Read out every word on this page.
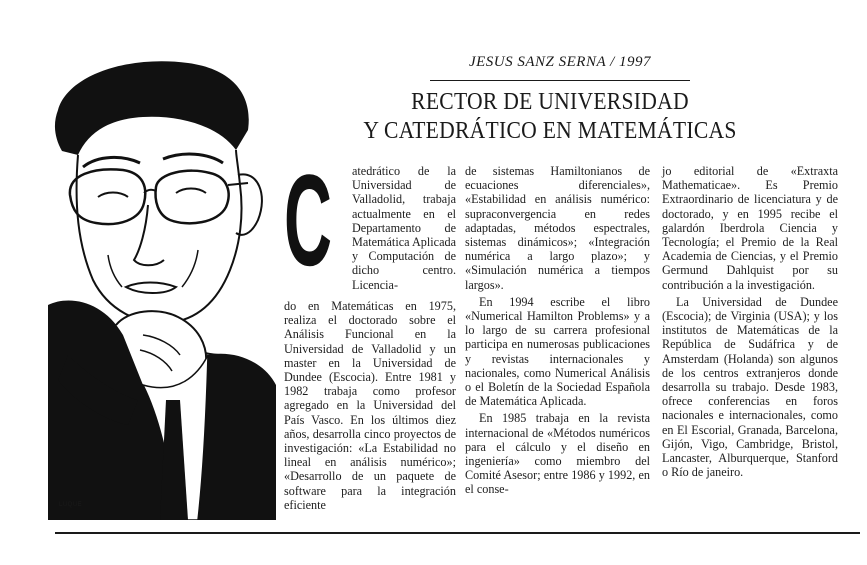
JESUS SANZ SERNA / 1997
RECTOR DE UNIVERSIDAD
Y CATEDRÁTICO EN MATEMÁTICAS
LUQUE
C atedrático de la Universidad de Valladolid, trabaja actualmente en el Departamento de Matemática Aplicada y Computación de dicho centro. Licencia-

do en Matemáticas en 1975, realiza el doctorado sobre el Análisis Funcional en la Universidad de Valladolid y un master en la Universidad de Dundee (Escocia). Entre 1981 y 1982 trabaja como profesor agregado en la Universidad del País Vasco. En los últimos diez años, desarrolla cinco proyectos de investigación: «La Estabilidad no lineal en análisis numérico»; «Desarrollo de un paquete de software para la integración eficiente

de sistemas Hamiltonianos de ecuaciones diferenciales», «Estabilidad en análisis numérico: supraconvergencia en redes adaptadas, métodos espectrales, sistemas dinámicos»; «Integración numérica a largo plazo»; y «Simulación numérica a tiempos largos».

En 1994 escribe el libro «Numerical Hamilton Problems» y a lo largo de su carrera profesional participa en numerosas publicaciones y revistas internacionales y nacionales, como Numerical Análisis o el Boletín de la Sociedad Española de Matemática Aplicada.

En 1985 trabaja en la revista internacional de «Métodos numéricos para el cálculo y el diseño en ingeniería» como miembro del Comité Asesor; entre 1986 y 1992, en el conse-

jo editorial de «Extraxta Mathematicae». Es Premio Extraordinario de licenciatura y de doctorado, y en 1995 recibe el galardón Iberdrola Ciencia y Tecnología; el Premio de la Real Academia de Ciencias, y el Premio Germund Dahlquist por su contribución a la investigación.

La Universidad de Dundee (Escocia); de Virginia (USA); y los institutos de Matemáticas de la República de Sudáfrica y de Amsterdam (Holanda) son algunos de los centros extranjeros donde desarrolla su trabajo. Desde 1983, ofrece conferencias en foros nacionales e internacionales, como en El Escorial, Granada, Barcelona, Gijón, Vigo, Cambridge, Bristol, Lancaster, Alburquerque, Stanford o Río de janeiro.
